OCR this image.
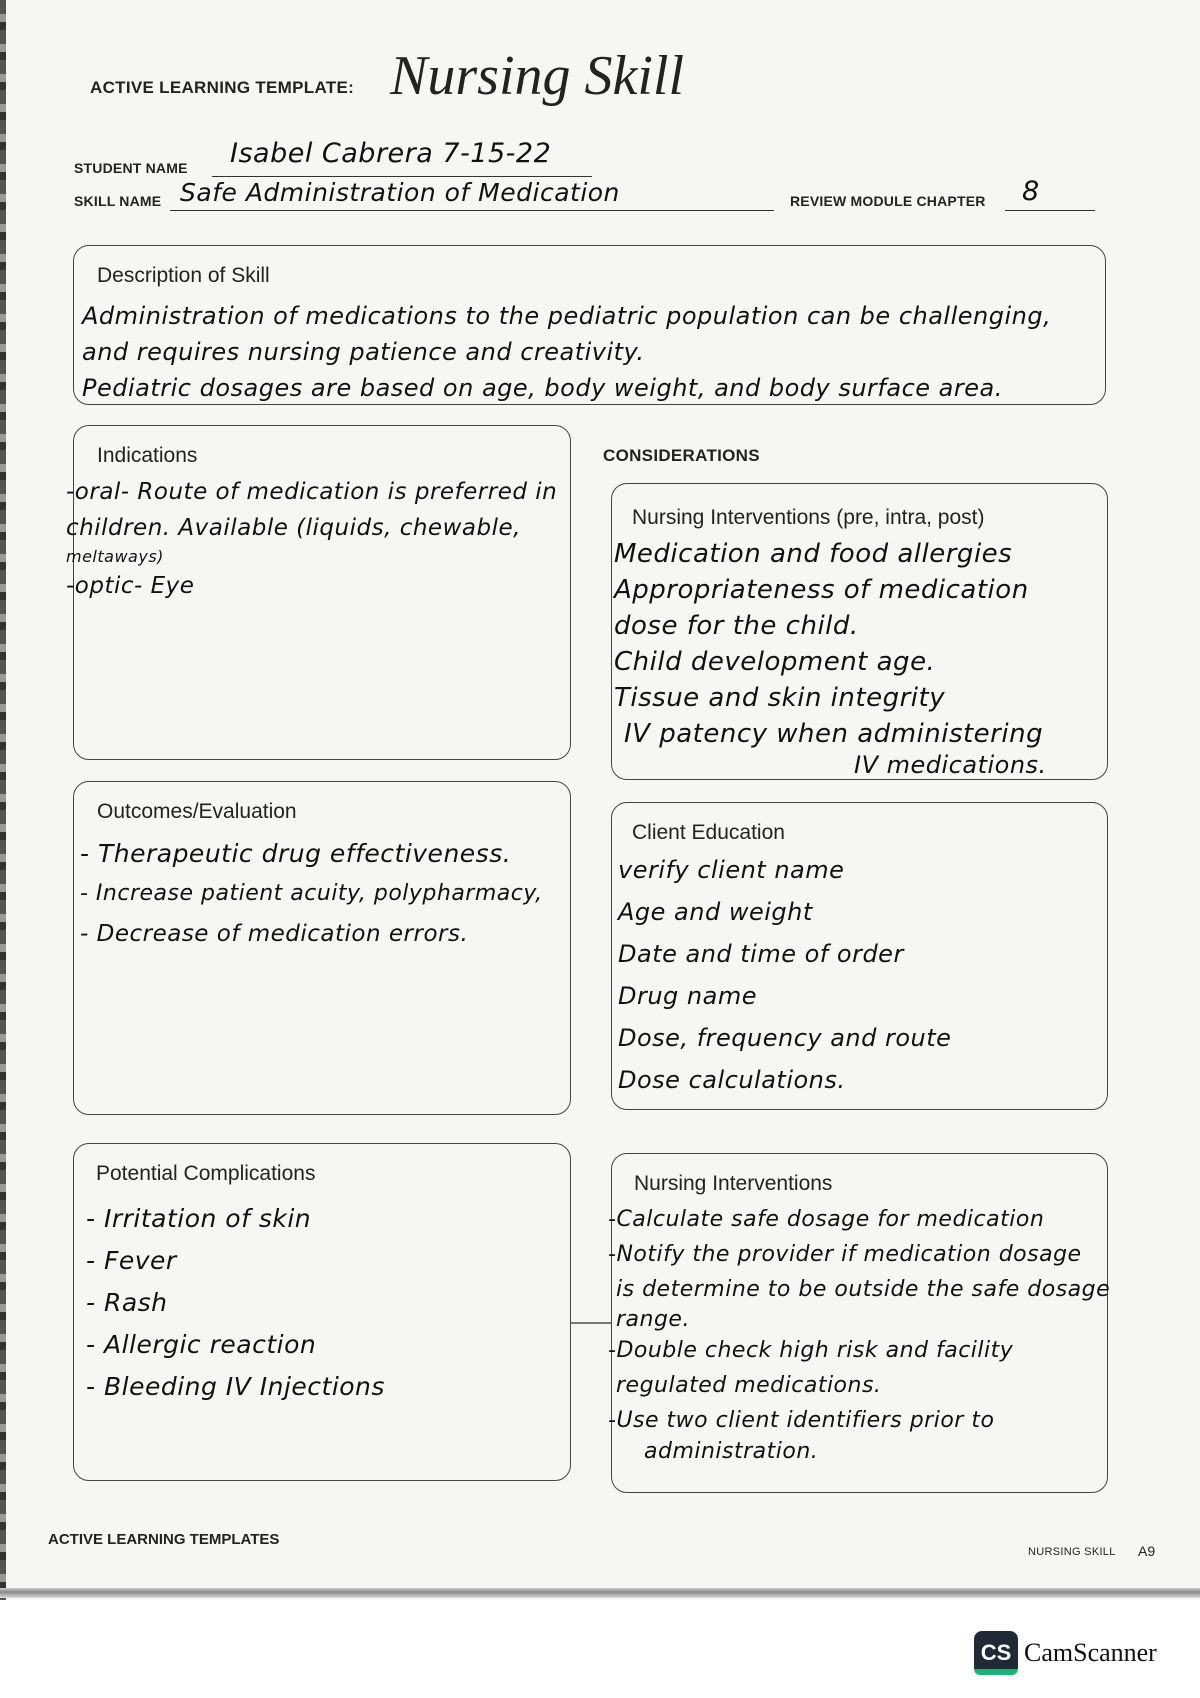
ACTIVE LEARNING TEMPLATE: Nursing Skill
STUDENT NAME Isabel Cabrera 7-15-22
SKILL NAME Safe Administration of Medication	REVIEW MODULE CHAPTER 8
Description of Skill
Administration of medications to the pediatric population can be challenging,
and requires nursing patience and creativity.
Pediatric dosages are based on age, body weight, and body surface area.
Indications
-oral- Route of medication is preferred in
children. Available (liquids, chewable,
meltaways)
-optic- Eye
CONSIDERATIONS
Nursing Interventions (pre, intra, post)
Medication and food allergies
Appropriateness of medication
dose for the child.
Child development age.
Tissue and skin integrity
IV patency when administering
IV medications.
Outcomes/Evaluation
- Therapeutic drug effectiveness.
- Increase patient acuity, polypharmacy,
- Decrease of medication errors.
Client Education
verify client name
Age and weight
Date and time of order
Drug name
Dose, frequency and route
Dose calculations.
Potential Complications
- Irritation of skin
- Fever
- Rash
- Allergic reaction
- Bleeding IV Injections
Nursing Interventions
-Calculate safe dosage for medication
-Notify the provider if medication dosage
is determine to be outside the safe dosage
range.
-Double check high risk and facility
regulated medications.
-Use two client identifiers prior to
administration.
ACTIVE LEARNING TEMPLATES
NURSING SKILL A9
CS CamScanner
